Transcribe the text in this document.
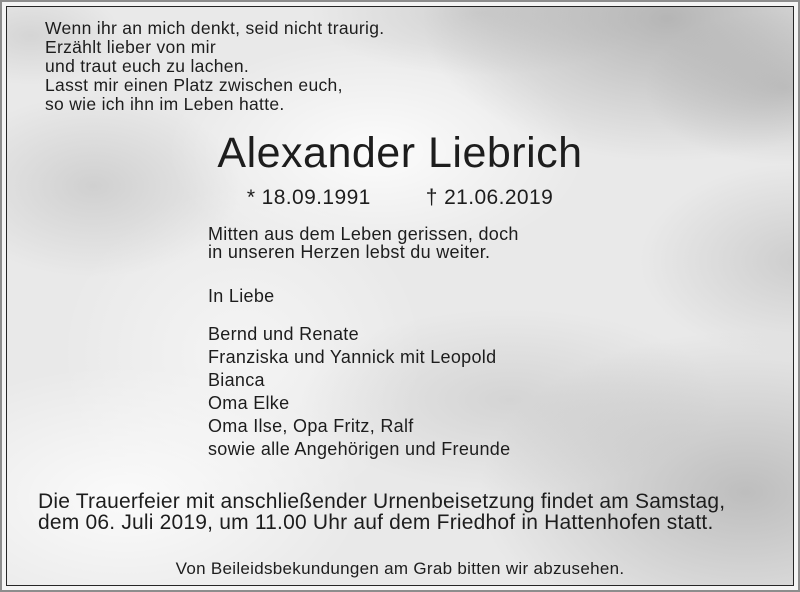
Wenn ihr an mich denkt, seid nicht traurig.
Erzählt lieber von mir
und traut euch zu lachen.
Lasst mir einen Platz zwischen euch,
so wie ich ihn im Leben hatte.
Alexander Liebrich
* 18.09.1991	† 21.06.2019
Mitten aus dem Leben gerissen, doch
in unseren Herzen lebst du weiter.
In Liebe
Bernd und Renate
Franziska und Yannick mit Leopold
Bianca
Oma Elke
Oma Ilse, Opa Fritz, Ralf
sowie alle Angehörigen und Freunde
Die Trauerfeier mit anschließender Urnenbeisetzung findet am Samstag,
dem 06. Juli 2019, um 11.00 Uhr auf dem Friedhof in Hattenhofen statt.
Von Beileidsbekundungen am Grab bitten wir abzusehen.
